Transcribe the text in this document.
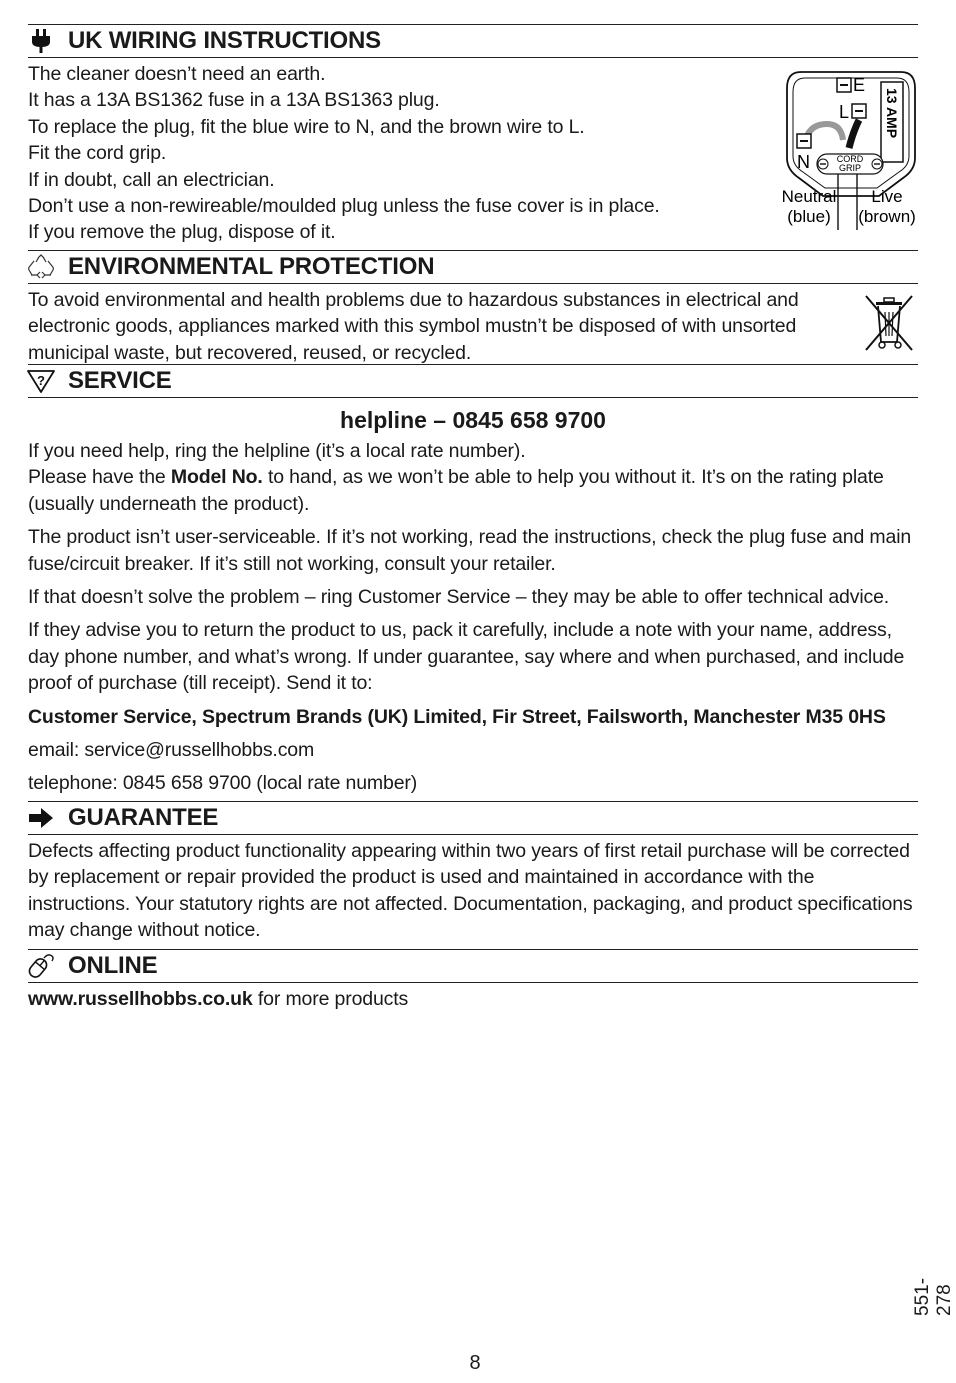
UK WIRING INSTRUCTIONS

The cleaner doesn’t need an earth.

It has a 13A BS1362 fuse in a 13A BS1363 plug.

To replace the plug, fit the blue wire to N, and the brown wire to L.

Fit the cord grip.

If in doubt, call an electrician.

Don’t use a non-rewireable/moulded plug unless the fuse cover is in place.

If you remove the plug, dispose of it.

E
13 AMP
L
N	CORD
GRIP
Neutral
(blue)
Live
(brown)
ENVIRONMENTAL PROTECTION

To avoid environmental and health problems due to hazardous substances in electrical and electronic goods, appliances marked with this symbol mustn’t be disposed of with unsorted municipal waste, but recovered, reused, or recycled.

? SERVICE
helpline – 0845 658 9700

If you need help, ring the helpline (it’s a local rate number).

Please have the Model No. to hand, as we won’t be able to help you without it. It’s on the rating plate (usually underneath the product).

The product isn’t user-serviceable. If it’s not working, read the instructions, check the plug fuse and main fuse/circuit breaker. If it’s still not working, consult your retailer.

If that doesn’t solve the problem – ring Customer Service – they may be able to offer technical advice.

If they advise you to return the product to us, pack it carefully, include a note with your name, address, day phone number, and what’s wrong. If under guarantee, say where and when purchased, and include proof of purchase (till receipt). Send it to:

Customer Service, Spectrum Brands (UK) Limited, Fir Street, Failsworth, Manchester M35 0HS

email: service@russellhobbs.com

telephone: 0845 658 9700 (local rate number)

GUARANTEE

Defects affecting product functionality appearing within two years of first retail purchase will be corrected by replacement or repair provided the product is used and maintained in accordance with the instructions. Your statutory rights are not affected. Documentation, packaging, and product specifications may change without notice.

ONLINE

www.russellhobbs.co.uk for more products

551-278
8
